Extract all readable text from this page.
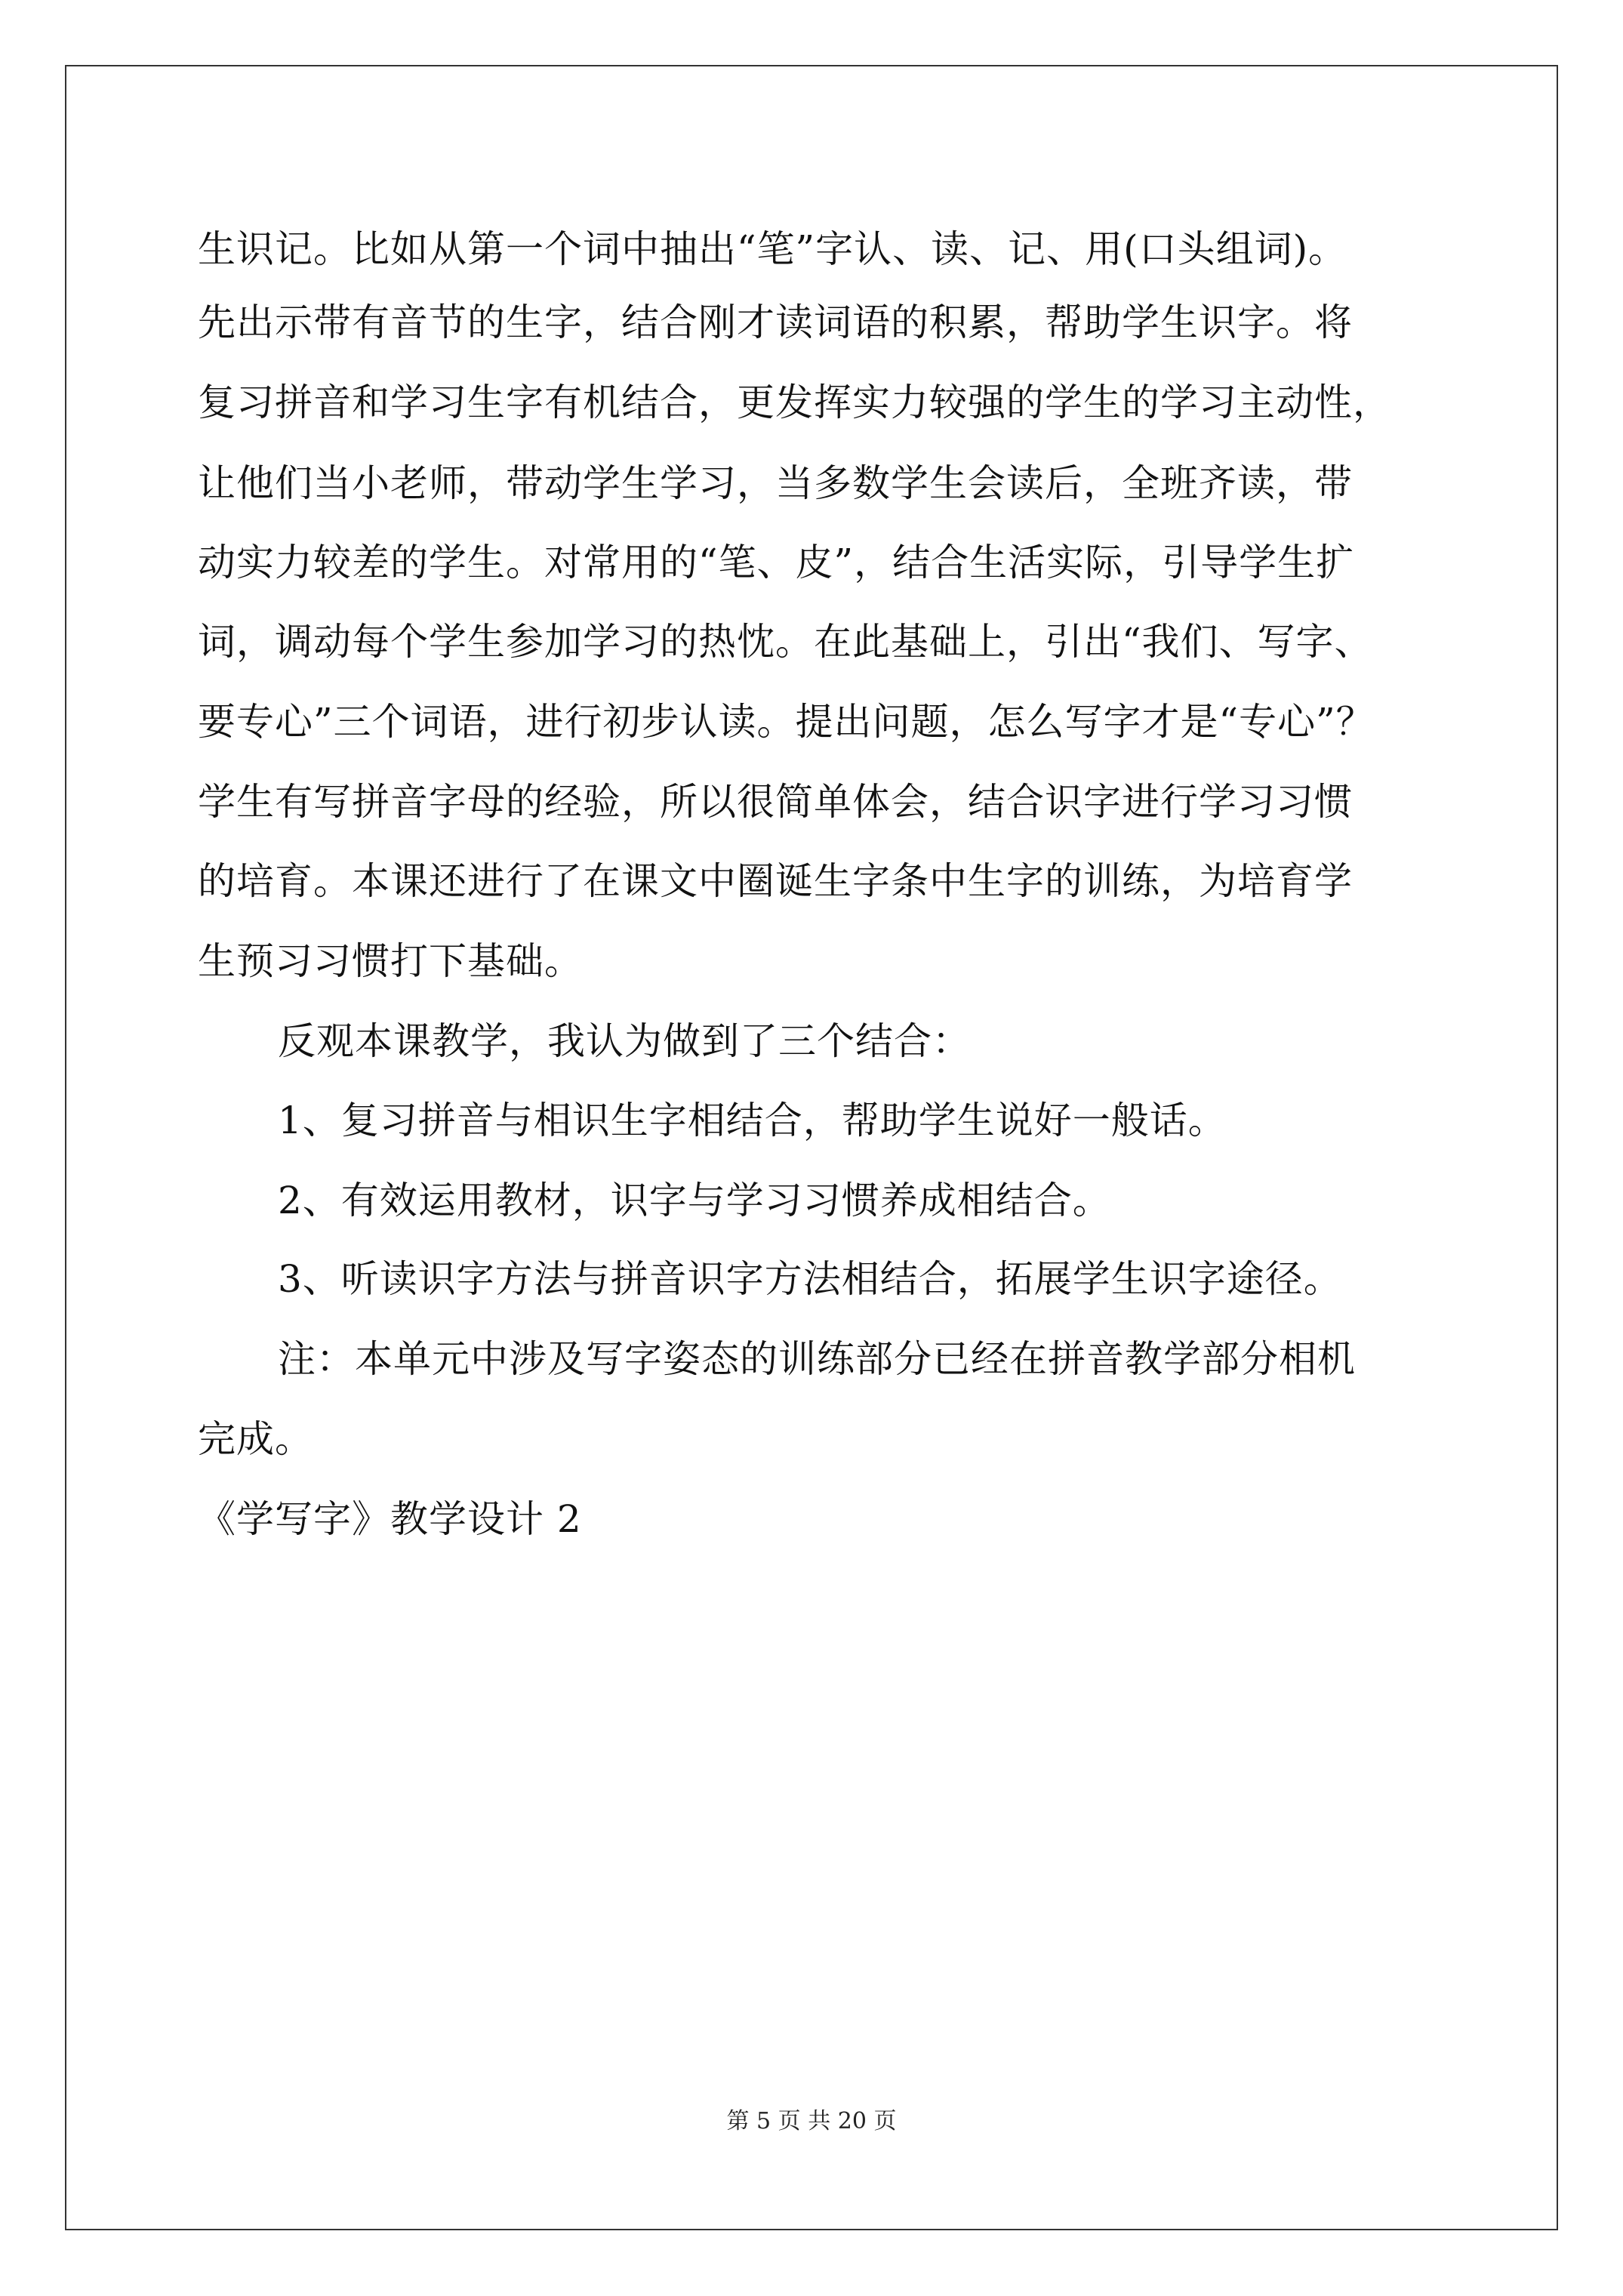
生识记。比如从第一个词中抽出“笔”字认、读、记、用(口头组词)。
先出示带有音节的生字，结合刚才读词语的积累，帮助学生识字。将
复习拼音和学习生字有机结合，更发挥实力较强的学生的学习主动性，
让他们当小老师，带动学生学习，当多数学生会读后，全班齐读，带
动实力较差的学生。对常用的“笔、皮”，结合生活实际，引导学生扩
词，调动每个学生参加学习的热忱。在此基础上，引出“我们、写字、
要专心”三个词语，进行初步认读。提出问题，怎么写字才是“专心”？
学生有写拼音字母的经验，所以很简单体会，结合识字进行学习习惯
的培育。本课还进行了在课文中圈诞生字条中生字的训练，为培育学
生预习习惯打下基础。
反观本课教学，我认为做到了三个结合：
1、复习拼音与相识生字相结合，帮助学生说好一般话。
2、有效运用教材，识字与学习习惯养成相结合。
3、听读识字方法与拼音识字方法相结合，拓展学生识字途径。
注：本单元中涉及写字姿态的训练部分已经在拼音教学部分相机
完成。
《学写字》教学设计 2
第 5 页 共 20 页
